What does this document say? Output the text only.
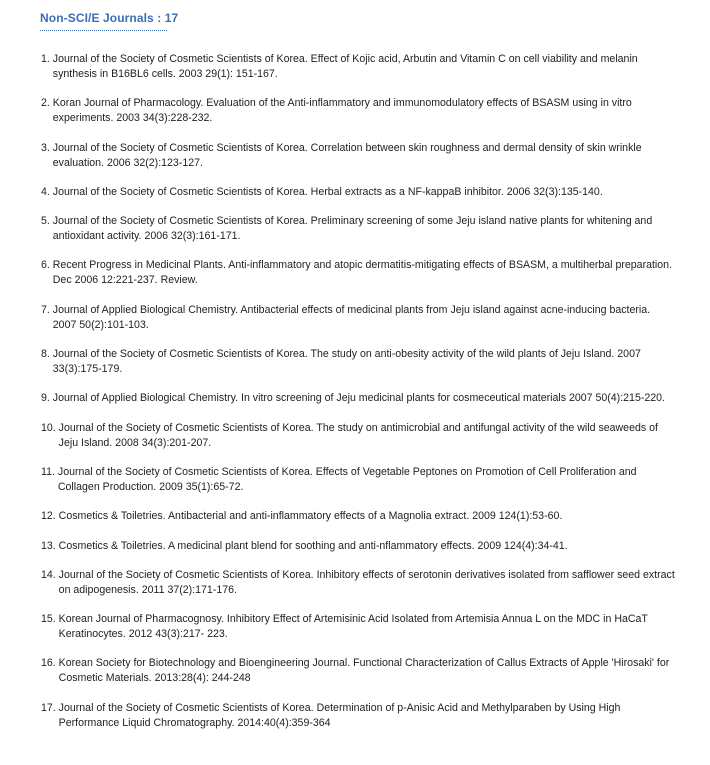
Non-SCI/E Journals : 17
1. Journal of the Society of Cosmetic Scientists of Korea. Effect of Kojic acid, Arbutin and Vitamin C on cell viability and melanin synthesis in B16BL6 cells. 2003 29(1): 151-167.
2. Koran Journal of Pharmacology. Evaluation of the Anti-inflammatory and immunomodulatory effects of BSASM using in vitro experiments. 2003 34(3):228-232.
3. Journal of the Society of Cosmetic Scientists of Korea. Correlation between skin roughness and dermal density of skin wrinkle evaluation. 2006 32(2):123-127.
4. Journal of the Society of Cosmetic Scientists of Korea. Herbal extracts as a NF-kappaB inhibitor. 2006 32(3):135-140.
5. Journal of the Society of Cosmetic Scientists of Korea. Preliminary screening of some Jeju island native plants for whitening and antioxidant activity. 2006 32(3):161-171.
6. Recent Progress in Medicinal Plants. Anti-inflammatory and atopic dermatitis-mitigating effects of BSASM, a multiherbal preparation. Dec 2006 12:221-237. Review.
7. Journal of Applied Biological Chemistry. Antibacterial effects of medicinal plants from Jeju island against acne-inducing bacteria. 2007 50(2):101-103.
8. Journal of the Society of Cosmetic Scientists of Korea. The study on anti-obesity activity of the wild plants of Jeju Island. 2007 33(3):175-179.
9. Journal of Applied Biological Chemistry. In vitro screening of Jeju medicinal plants for cosmeceutical materials 2007 50(4):215-220.
10. Journal of the Society of Cosmetic Scientists of Korea. The study on antimicrobial and antifungal activity of the wild seaweeds of Jeju Island. 2008 34(3):201-207.
11. Journal of the Society of Cosmetic Scientists of Korea. Effects of Vegetable Peptones on Promotion of Cell Proliferation and Collagen Production. 2009 35(1):65-72.
12. Cosmetics & Toiletries. Antibacterial and anti-inflammatory effects of a Magnolia extract. 2009 124(1):53-60.
13. Cosmetics & Toiletries. A medicinal plant blend for soothing and anti-nflammatory effects. 2009 124(4):34-41.
14. Journal of the Society of Cosmetic Scientists of Korea. Inhibitory effects of serotonin derivatives isolated from safflower seed extract on adipogenesis. 2011 37(2):171-176.
15. Korean Journal of Pharmacognosy. Inhibitory Effect of Artemisinic Acid Isolated from Artemisia Annua L on the MDC in HaCaT Keratinocytes. 2012 43(3):217- 223.
16. Korean Society for Biotechnology and Bioengineering Journal. Functional Characterization of Callus Extracts of Apple 'Hirosaki' for Cosmetic Materials. 2013:28(4): 244-248
17. Journal of the Society of Cosmetic Scientists of Korea. Determination of p-Anisic Acid and Methylparaben by Using High Performance Liquid Chromatography. 2014:40(4):359-364
